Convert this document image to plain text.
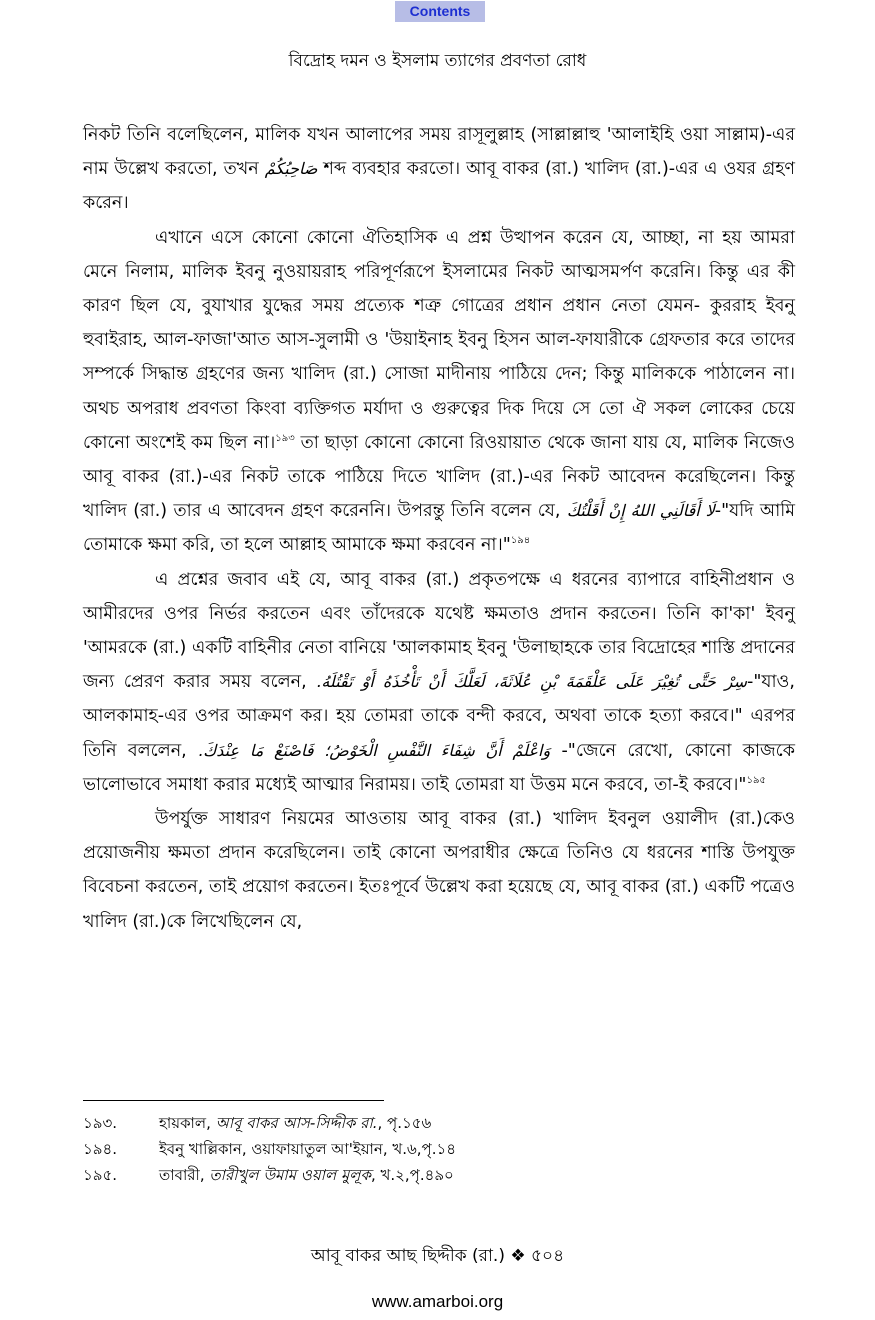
Contents
বিদ্রোহ দমন ও ইসলাম ত্যাগের প্রবণতা রোধ

নিকট তিনি বলেছিলেন, মালিক যখন আলাপের সময় রাসূলুল্লাহ (সাল্লাল্লাহু 'আলাইহি ওয়া সাল্লাম)-এর নাম উল্লেখ করতো, তখন صَاحِبُكُمْ শব্দ ব্যবহার করতো। আবূ বাকর (রা.) খালিদ (রা.)-এর এ ওযর গ্রহণ করেন।

এখানে এসে কোনো কোনো ঐতিহাসিক এ প্রশ্ন উত্থাপন করেন যে, আচ্ছা, না হয় আমরা মেনে নিলাম, মালিক ইবনু নুওয়ায়রাহ পরিপূর্ণরূপে ইসলামের নিকট আত্মসমর্পণ করেনি। কিন্তু এর কী কারণ ছিল যে, বুযাখার যুদ্ধের সময় প্রত্যেক শত্রু গোত্রের প্রধান প্রধান নেতা যেমন- কুররাহ ইবনু হুবাইরাহ, আল-ফাজা'আত আস-সুলামী ও 'উয়াইনাহ ইবনু হিসন আল-ফাযারীকে গ্রেফতার করে তাদের সম্পর্কে সিদ্ধান্ত গ্রহণের জন্য খালিদ (রা.) সোজা মাদীনায় পাঠিয়ে দেন; কিন্তু মালিককে পাঠালেন না। অথচ অপরাধ প্রবণতা কিংবা ব্যক্তিগত মর্যাদা ও গুরুত্বের দিক দিয়ে সে তো ঐ সকল লোকের চেয়ে কোনো অংশেই কম ছিল না।$^{১৯৩}$ তা ছাড়া কোনো কোনো রিওয়ায়াত থেকে জানা যায় যে, মালিক নিজেও আবূ বাকর (রা.)-এর নিকট তাকে পাঠিয়ে দিতে খালিদ (রা.)-এর নিকট আবেদন করেছিলেন। কিন্তু খালিদ (রা.) তার এ আবেদন গ্রহণ করেননি। উপরন্তু তিনি বলেন যে, لَا أَقَالَنِي اللهُ إِنْ أَقَلْتُكَ-"যদি আমি তোমাকে ক্ষমা করি, তা হলে আল্লাহ আমাকে ক্ষমা করবেন না।"$^{১৯৪}$

এ প্রশ্নের জবাব এই যে, আবূ বাকর (রা.) প্রকৃতপক্ষে এ ধরনের ব্যাপারে বাহিনীপ্রধান ও আমীরদের ওপর নির্ভর করতেন এবং তাঁদেরকে যথেষ্ট ক্ষমতাও প্রদান করতেন। তিনি কা'কা' ইবনু 'আমরকে (রা.) একটি বাহিনীর নেতা বানিয়ে 'আলকামাহ ইবনু 'উলাছাহকে তার বিদ্রোহের শাস্তি প্রদানের জন্য প্রেরণ করার সময় বলেন, سِرْ حَتَّى تُغِيْرَ عَلَى عَلْقَمَةَ بْنِ عُلَاثَةَ، لَعَلَّكَ أَنْ تَأْخُذَهُ أَوْ تَقْتُلَهُ.-"যাও, আলকামাহ-এর ওপর আক্রমণ কর। হয় তোমরা তাকে বন্দী করবে, অথবা তাকে হত্যা করবে।" এরপর তিনি বললেন, وَاعْلَمْ أَنَّ شِفَاءَ النَّفْسِ الْخَوْضُ؛ فَاصْنَعْ مَا عِنْدَكَ. -"জেনে রেখো, কোনো কাজকে ভালোভাবে সমাধা করার মধ্যেই আত্মার নিরাময়। তাই তোমরা যা উত্তম মনে করবে, তা-ই করবে।"$^{১৯৫}$

উপর্যুক্ত সাধারণ নিয়মের আওতায় আবূ বাকর (রা.) খালিদ ইবনুল ওয়ালীদ (রা.)কেও প্রয়োজনীয় ক্ষমতা প্রদান করেছিলেন। তাই কোনো অপরাধীর ক্ষেত্রে তিনিও যে ধরনের শাস্তি উপযুক্ত বিবেচনা করতেন, তাই প্রয়োগ করতেন। ইতঃপূর্বে উল্লেখ করা হয়েছে যে, আবূ বাকর (রা.) একটি পত্রেও খালিদ (রা.)কে লিখেছিলেন যে,

১৯৩.	হায়কাল, আবূ বাকর আস-সিদ্দীক রা., পৃ.১৫৬
১৯৪.	ইবনু খাল্লিকান, ওয়াফায়াতুল আ'ইয়ান, খ.৬,পৃ.১৪
১৯৫.	তাবারী, তারীখুল উমাম ওয়াল মুলূক, খ.২,পৃ.৪৯০
আবূ বাকর আছ ছিদ্দীক (রা.) ❖ ৫০৪
www.amarboi.org
